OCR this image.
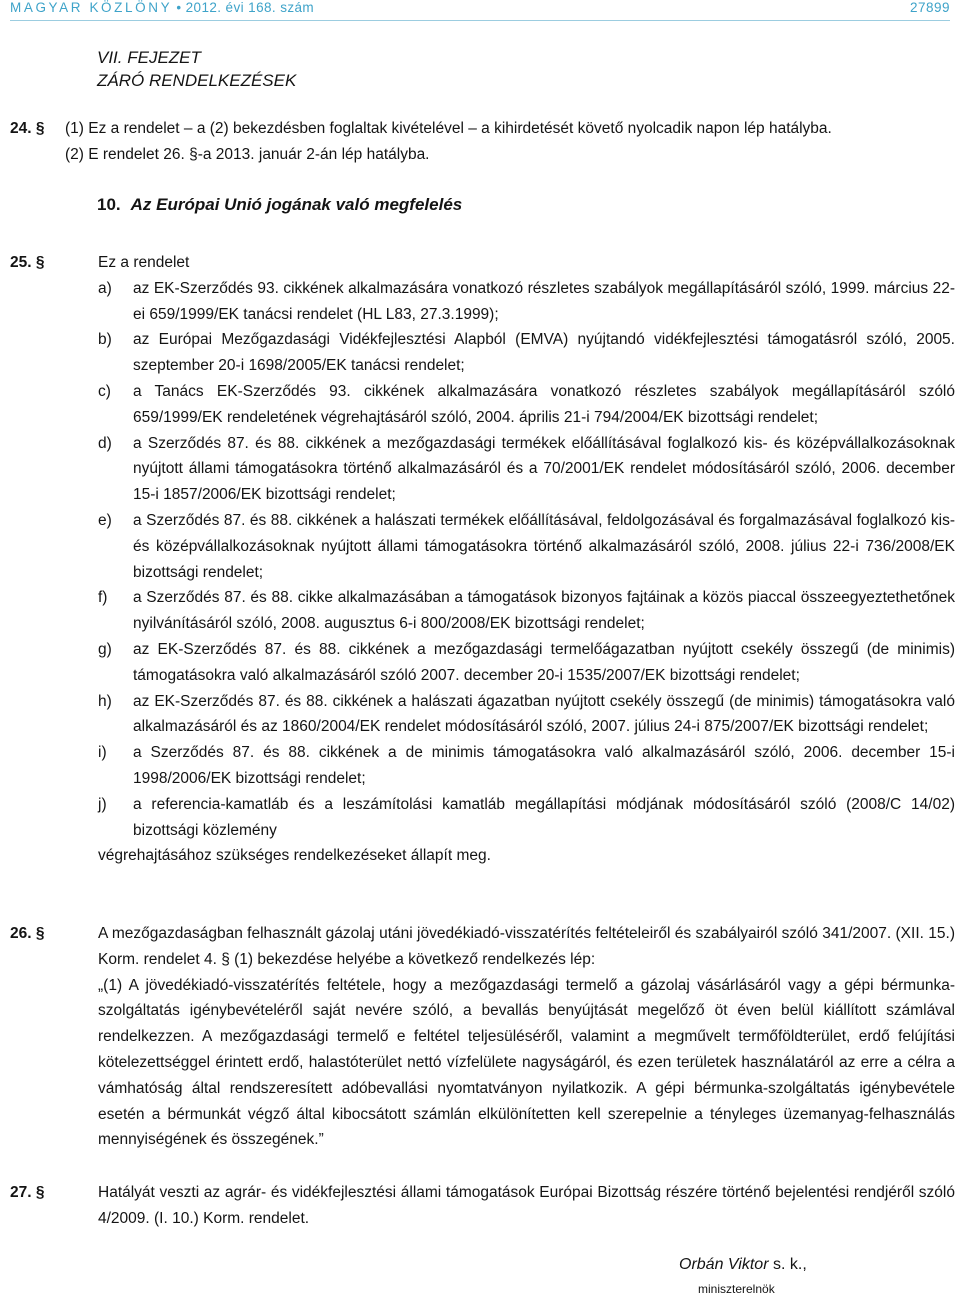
MAGYAR KÖZLÖNY • 2012. évi 168. szám	27899
VII. FEJEZET
ZÁRÓ RENDELKEZÉSEK
24. § (1) Ez a rendelet – a (2) bekezdésben foglaltak kivételével – a kihirdetését követő nyolcadik napon lép hatályba.
(2) E rendelet 26. §-a 2013. január 2-án lép hatályba.
10. Az Európai Unió jogának való megfelelés
25. §	Ez a rendelet
a) az EK-Szerződés 93. cikkének alkalmazására vonatkozó részletes szabályok megállapításáról szóló, 1999. március 22-ei 659/1999/EK tanácsi rendelet (HL L83, 27.3.1999);
b) az Európai Mezőgazdasági Vidékfejlesztési Alapból (EMVA) nyújtandó vidékfejlesztési támogatásról szóló, 2005. szeptember 20-i 1698/2005/EK tanácsi rendelet;
c) a Tanács EK-Szerződés 93. cikkének alkalmazására vonatkozó részletes szabályok megállapításáról szóló 659/1999/EK rendeletének végrehajtásáról szóló, 2004. április 21-i 794/2004/EK bizottsági rendelet;
d) a Szerződés 87. és 88. cikkének a mezőgazdasági termékek előállításával foglalkozó kis- és középvállalkozásoknak nyújtott állami támogatásokra történő alkalmazásáról és a 70/2001/EK rendelet módosításáról szóló, 2006. december 15-i 1857/2006/EK bizottsági rendelet;
e) a Szerződés 87. és 88. cikkének a halászati termékek előállításával, feldolgozásával és forgalmazásával foglalkozó kis- és középvállalkozásoknak nyújtott állami támogatásokra történő alkalmazásáról szóló, 2008. július 22-i 736/2008/EK bizottsági rendelet;
f) a Szerződés 87. és 88. cikke alkalmazásában a támogatások bizonyos fajtáinak a közös piaccal összeegyeztethetőnek nyilvánításáról szóló, 2008. augusztus 6-i 800/2008/EK bizottsági rendelet;
g) az EK-Szerződés 87. és 88. cikkének a mezőgazdasági termelőágazatban nyújtott csekély összegű (de minimis) támogatásokra való alkalmazásáról szóló 2007. december 20-i 1535/2007/EK bizottsági rendelet;
h) az EK-Szerződés 87. és 88. cikkének a halászati ágazatban nyújtott csekély összegű (de minimis) támogatásokra való alkalmazásáról és az 1860/2004/EK rendelet módosításáról szóló, 2007. július 24-i 875/2007/EK bizottsági rendelet;
i) a Szerződés 87. és 88. cikkének a de minimis támogatásokra való alkalmazásáról szóló, 2006. december 15-i 1998/2006/EK bizottsági rendelet;
j) a referencia-kamatláb és a leszámítolási kamatláb megállapítási módjának módosításáról szóló (2008/C 14/02) bizottsági közlemény
végrehajtásához szükséges rendelkezéseket állapít meg.
26. §	A mezőgazdaságban felhasznált gázolaj utáni jövedékiadó-visszatérítés feltételeiről és szabályairól szóló 341/2007. (XII. 15.) Korm. rendelet 4. § (1) bekezdése helyébe a következő rendelkezés lép:

„(1) A jövedékiadó-visszatérítés feltétele, hogy a mezőgazdasági termelő a gázolaj vásárlásáról vagy a gépi bérmunka-szolgáltatás igénybevételéről saját nevére szóló, a bevallás benyújtását megelőző öt éven belül kiállított számlával rendelkezzen. A mezőgazdasági termelő e feltétel teljesüléséről, valamint a megművelt termőföldterület, erdő felújítási kötelezettséggel érintett erdő, halastóterület nettó vízfelülete nagyságáról, és ezen területek használatáról az erre a célra a vámhatóság által rendszeresített adóbevallási nyomtatványon nyilatkozik. A gépi bérmunka-szolgáltatás igénybevétele esetén a bérmunkát végző által kibocsátott számlán elkülönítetten kell szerepelnie a tényleges üzemanyag-felhasználás mennyiségének és összegének.”

27. §	Hatályát veszti az agrár- és vidékfejlesztési állami támogatások Európai Bizottság részére történő bejelentési rendjéről szóló 4/2009. (I. 10.) Korm. rendelet.

Orbán Viktor s. k.,
miniszterelnök
